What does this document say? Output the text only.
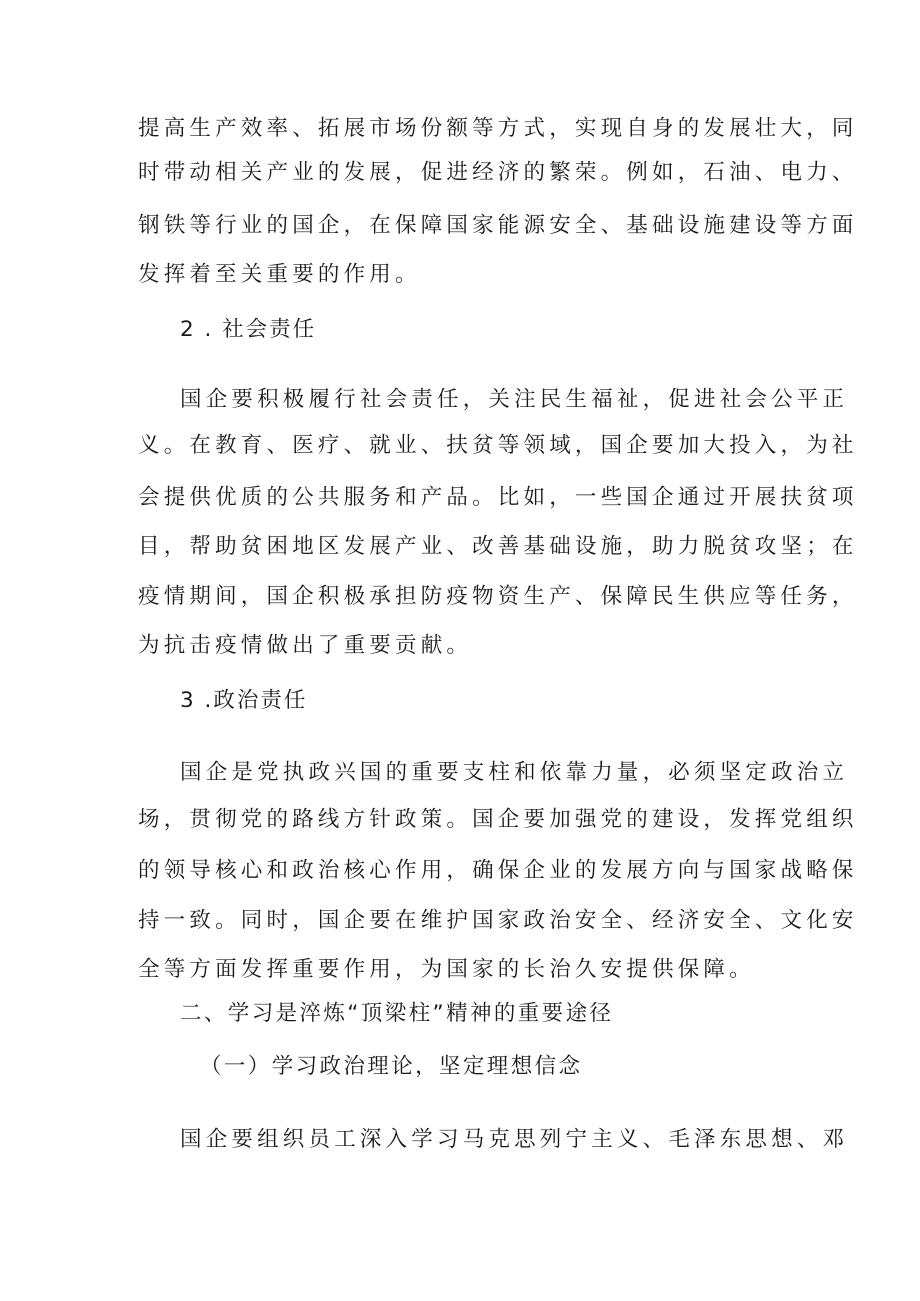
提高生产效率、拓展市场份额等方式，实现自身的发展壮大，同
时带动相关产业的发展，促进经济的繁荣。例如，石油、电力、
钢铁等行业的国企，在保障国家能源安全、基础设施建设等方面
发挥着至关重要的作用。
2 . 社会责任
国企要积极履行社会责任，关注民生福祉，促进社会公平正
义。在教育、医疗、就业、扶贫等领域，国企要加大投入，为社
会提供优质的公共服务和产品。比如，一些国企通过开展扶贫项
目，帮助贫困地区发展产业、改善基础设施，助力脱贫攻坚；在
疫情期间，国企积极承担防疫物资生产、保障民生供应等任务，
为抗击疫情做出了重要贡献。
3 .政治责任
国企是党执政兴国的重要支柱和依靠力量，必须坚定政治立
场，贯彻党的路线方针政策。国企要加强党的建设，发挥党组织
的领导核心和政治核心作用，确保企业的发展方向与国家战略保
持一致。同时，国企要在维护国家政治安全、经济安全、文化安
全等方面发挥重要作用，为国家的长治久安提供保障。
二、学习是淬炼“顶梁柱”精神的重要途径
（一）学习政治理论，坚定理想信念
国企要组织员工深入学习马克思列宁主义、毛泽东思想、邓
